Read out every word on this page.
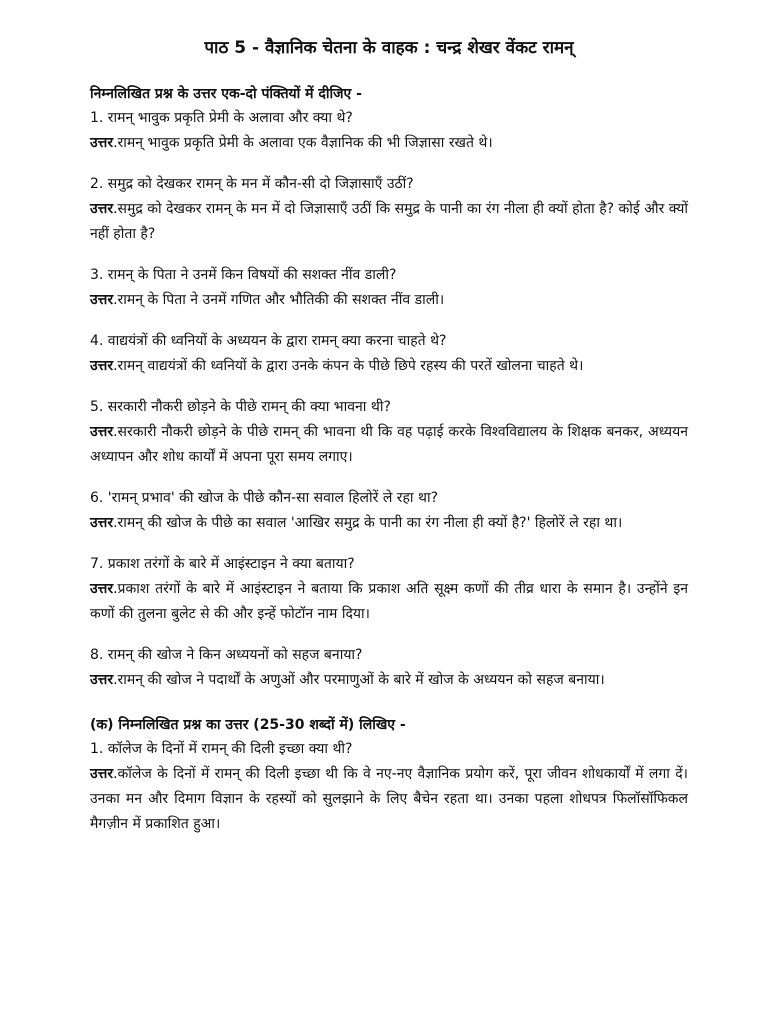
पाठ 5 - वैज्ञानिक चेतना के वाहक : चन्द्र शेखर वेंकट रामन्

निम्नलिखित प्रश्न के उत्तर एक-दो पंक्तियों में दीजिए -

1. रामन् भावुक प्रकृति प्रेमी के अलावा और क्या थे?

उत्तर.रामन् भावुक प्रकृति प्रेमी के अलावा एक वैज्ञानिक की भी जिज्ञासा रखते थे।

2. समुद्र को देखकर रामन् के मन में कौन-सी दो जिज्ञासाएँ उठीं?

उत्तर.समुद्र को देखकर रामन् के मन में दो जिज्ञासाएँ उठीं कि समुद्र के पानी का रंग नीला ही क्यों होता है? कोई और क्यों नहीं होता है?

3. रामन् के पिता ने उनमें किन विषयों की सशक्त नींव डाली?

उत्तर.रामन् के पिता ने उनमें गणित और भौतिकी की सशक्त नींव डाली।

4. वाद्ययंत्रों की ध्वनियों के अध्ययन के द्वारा रामन् क्या करना चाहते थे?

उत्तर.रामन् वाद्ययंत्रों की ध्वनियों के द्वारा उनके कंपन के पीछे छिपे रहस्य की परतें खोलना चाहते थे।

5. सरकारी नौकरी छोड़ने के पीछे रामन् की क्या भावना थी?

उत्तर.सरकारी नौकरी छोड़ने के पीछे रामन् की भावना थी कि वह पढ़ाई करके विश्वविद्यालय के शिक्षक बनकर, अध्ययन अध्यापन और शोध कार्यों में अपना पूरा समय लगाए।

6. 'रामन् प्रभाव' की खोज के पीछे कौन-सा सवाल हिलोरें ले रहा था?

उत्तर.रामन् की खोज के पीछे का सवाल 'आखिर समुद्र के पानी का रंग नीला ही क्यों है?' हिलोरें ले रहा था।

7. प्रकाश तरंगों के बारे में आइंस्टाइन ने क्या बताया?

उत्तर.प्रकाश तरंगों के बारे में आइंस्टाइन ने बताया कि प्रकाश अति सूक्ष्म कणों की तीव्र धारा के समान है। उन्होंने इन कणों की तुलना बुलेट से की और इन्हें फोटॉन नाम दिया।

8. रामन् की खोज ने किन अध्ययनों को सहज बनाया?

उत्तर.रामन् की खोज ने पदार्थों के अणुओं और परमाणुओं के बारे में खोज के अध्ययन को सहज बनाया।

(क) निम्नलिखित प्रश्न का उत्तर (25-30 शब्दों में) लिखिए -

1. कॉलेज के दिनों में रामन् की दिली इच्छा क्या थी?

उत्तर.कॉलेज के दिनों में रामन् की दिली इच्छा थी कि वे नए-नए वैज्ञानिक प्रयोग करें, पूरा जीवन शोधकार्यों में लगा दें। उनका मन और दिमाग विज्ञान के रहस्यों को सुलझाने के लिए बैचेन रहता था। उनका पहला शोधपत्र फिलॉसॉफिकल मैगज़ीन में प्रकाशित हुआ।
